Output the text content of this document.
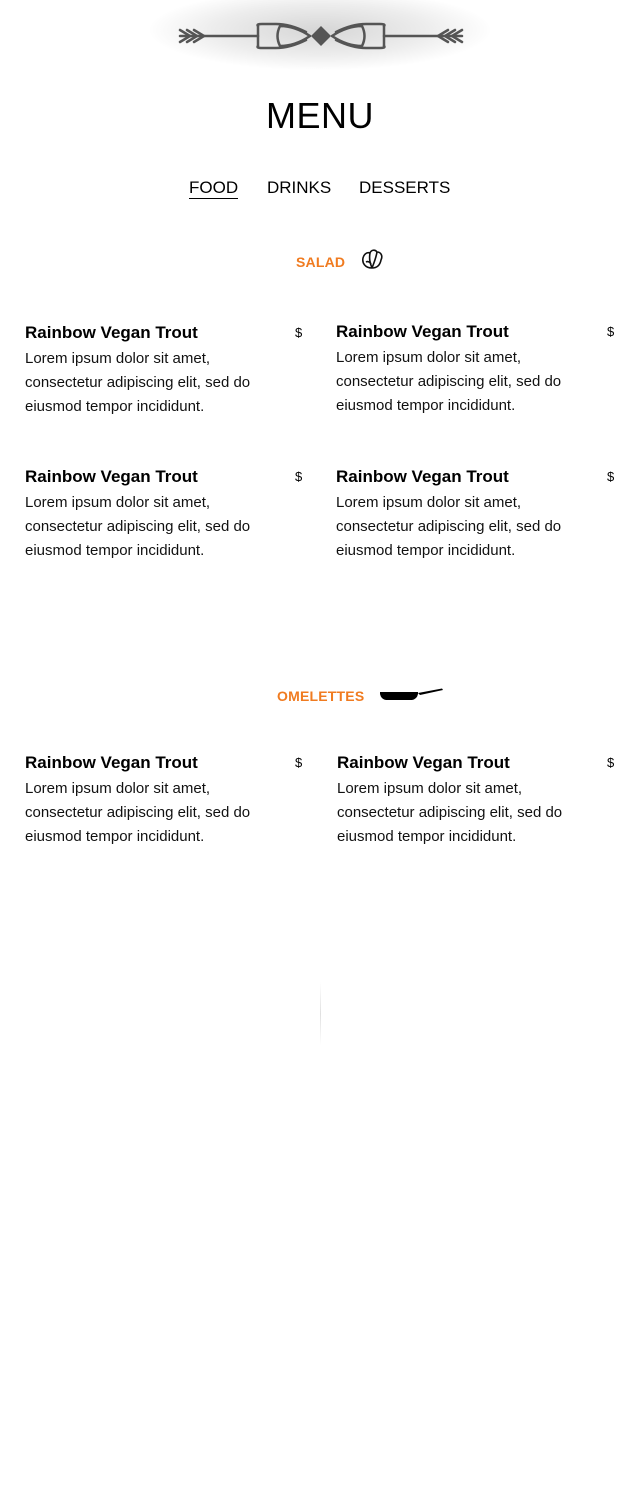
MENU
FOOD DRINKS DESSERTS
SALAD
Rainbow Vegan Trout	$
Lorem ipsum dolor sit amet, consectetur adipiscing elit, sed do eiusmod tempor incididunt.
Rainbow Vegan Trout	$
Lorem ipsum dolor sit amet, consectetur adipiscing elit, sed do eiusmod tempor incididunt.
Rainbow Vegan Trout	$
Lorem ipsum dolor sit amet, consectetur adipiscing elit, sed do eiusmod tempor incididunt.
Rainbow Vegan Trout	$
Lorem ipsum dolor sit amet, consectetur adipiscing elit, sed do eiusmod tempor incididunt.
OMELETTES
Rainbow Vegan Trout	$
Lorem ipsum dolor sit amet, consectetur adipiscing elit, sed do eiusmod tempor incididunt.
Rainbow Vegan Trout	$
Lorem ipsum dolor sit amet, consectetur adipiscing elit, sed do eiusmod tempor incididunt.
